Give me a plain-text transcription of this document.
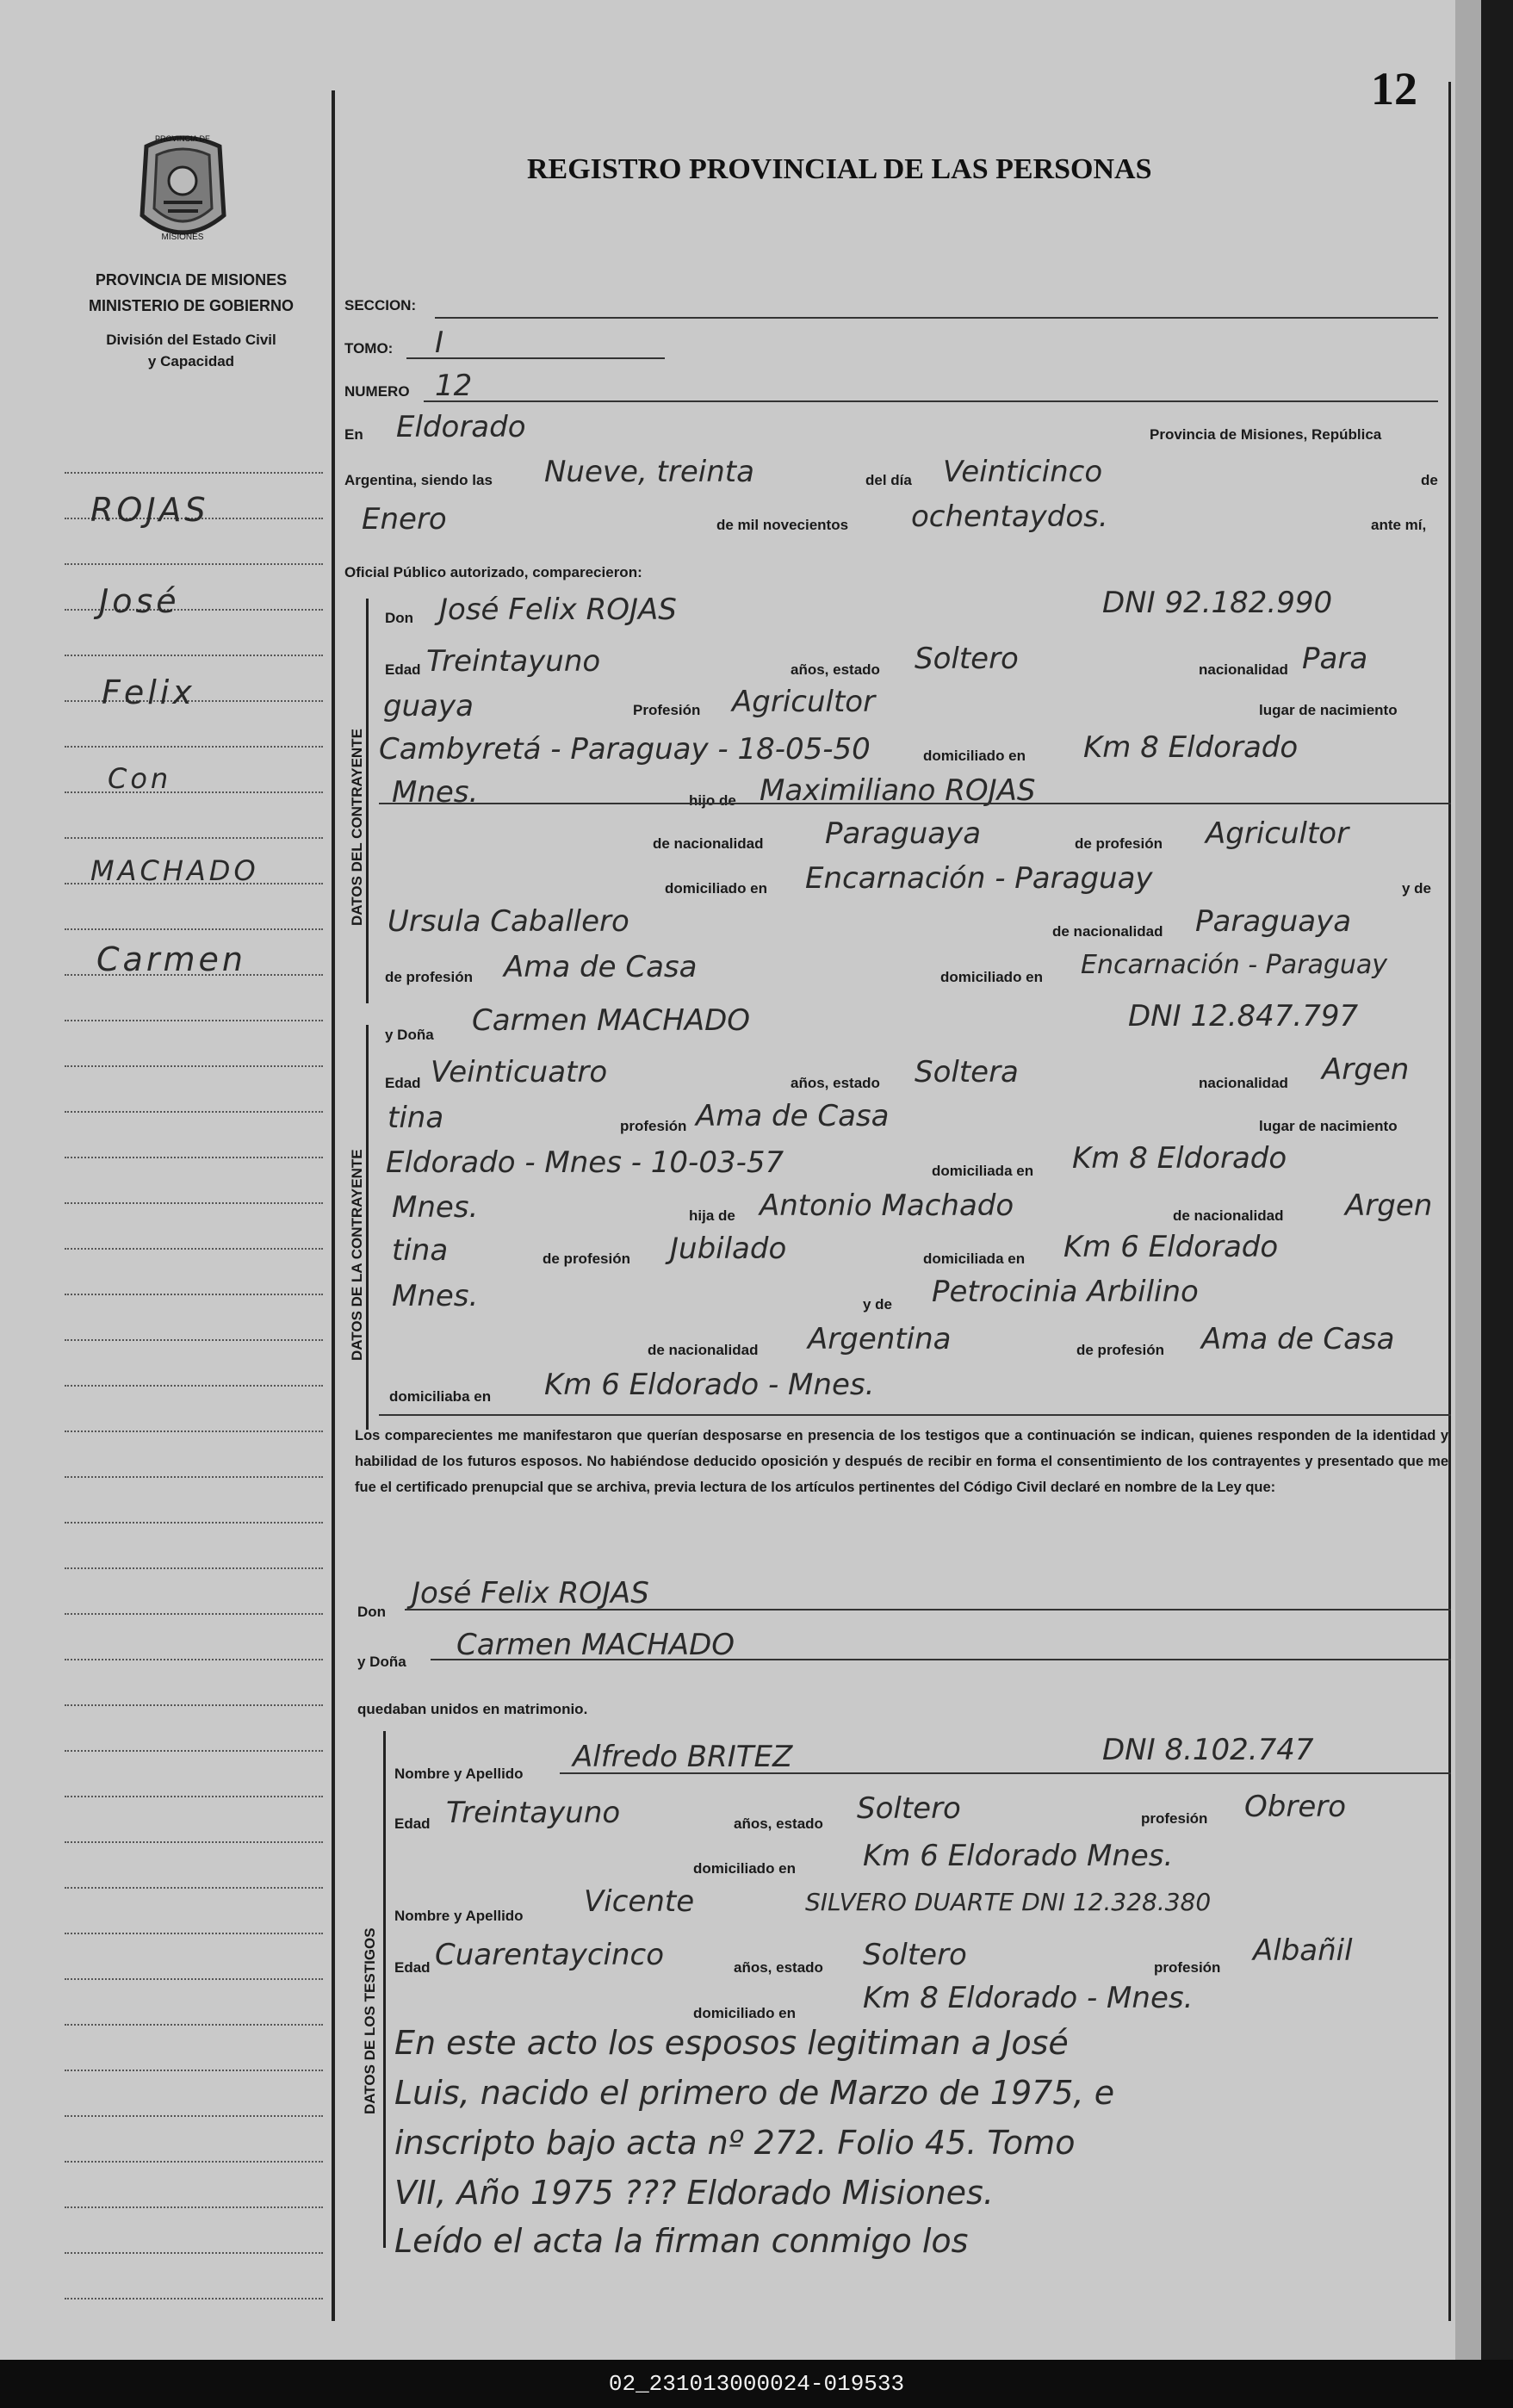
12
PROVINCIA DE
MISIONES
PROVINCIA DE MISIONES
MINISTERIO DE GOBIERNO
División del Estado Civil
y Capacidad
REGISTRO PROVINCIAL DE LAS PERSONAS
ROJAS
José
Felix
Con
MACHADO
Carmen
SECCION:
TOMO: I
NUMERO 12
En Eldorado	Provincia de Misiones, República
Argentina, siendo las Nueve, treinta	del día Veinticinco	de
Enero	de mil novecientos ochentaydos.	ante mí,
Oficial Público autorizado, comparecieron:
DATOS DEL CONTRAYENTE
DATOS DE LA CONTRAYENTE
DATOS DE LOS TESTIGOS
Don José Felix ROJAS	DNI 92.182.990
Edad Treintayuno	años, estado Soltero	nacionalidad Para
guaya	Profesión Agricultor	lugar de nacimiento
Cambyretá - Paraguay - 18-05-50	domiciliado en Km 8 Eldorado
Mnes.	hijo de Maximiliano ROJAS
de nacionalidad Paraguaya	de profesión Agricultor
domiciliado en Encarnación - Paraguay	y de
Ursula Caballero	de nacionalidad Paraguaya
de profesión Ama de Casa	domiciliado en Encarnación - Paraguay
y Doña Carmen MACHADO	DNI 12.847.797
Edad Veinticuatro	años, estado Soltera	nacionalidad Argen
tina	profesión Ama de Casa	lugar de nacimiento
Eldorado - Mnes - 10-03-57	domiciliada en Km 8 Eldorado
Mnes.	hija de Antonio Machado	de nacionalidad Argen
tina	de profesión Jubilado	domiciliada en Km 6 Eldorado
Mnes.	y de Petrocinia Arbilino
de nacionalidad Argentina	de profesión Ama de Casa
domiciliaba en Km 6 Eldorado - Mnes.
Los comparecientes me manifestaron que querían desposarse en presencia de los testigos que a continuación se indican, quienes responden de la identidad y habilidad de los futuros esposos. No habiéndose deducido oposición y después de recibir en forma el consentimiento de los contrayentes y presentado que me fue el certificado prenupcial que se archiva, previa lectura de los artículos pertinentes del Código Civil declaré en nombre de la Ley que:
Don
José Felix ROJAS
y Doña Carmen MACHADO
quedaban unidos en matrimonio.
Nombre y Apellido Alfredo BRITEZ	DNI 8.102.747
Edad Treintayuno	años, estado Soltero	profesión Obrero
domiciliado en Km 6 Eldorado Mnes.
Nombre y Apellido Vicente	SILVERO DUARTE DNI 12.328.380
Edad Cuarentaycinco	años, estado Soltero	profesión Albañil
domiciliado en Km 8 Eldorado - Mnes.
En este acto los esposos legitiman a José
Luis, nacido el primero de Marzo de 1975, e
inscripto bajo acta nº 272. Folio 45. Tomo
VII, Año 1975 ??? Eldorado Misiones.
Leído el acta la firman conmigo los
02_231013000024-019533
